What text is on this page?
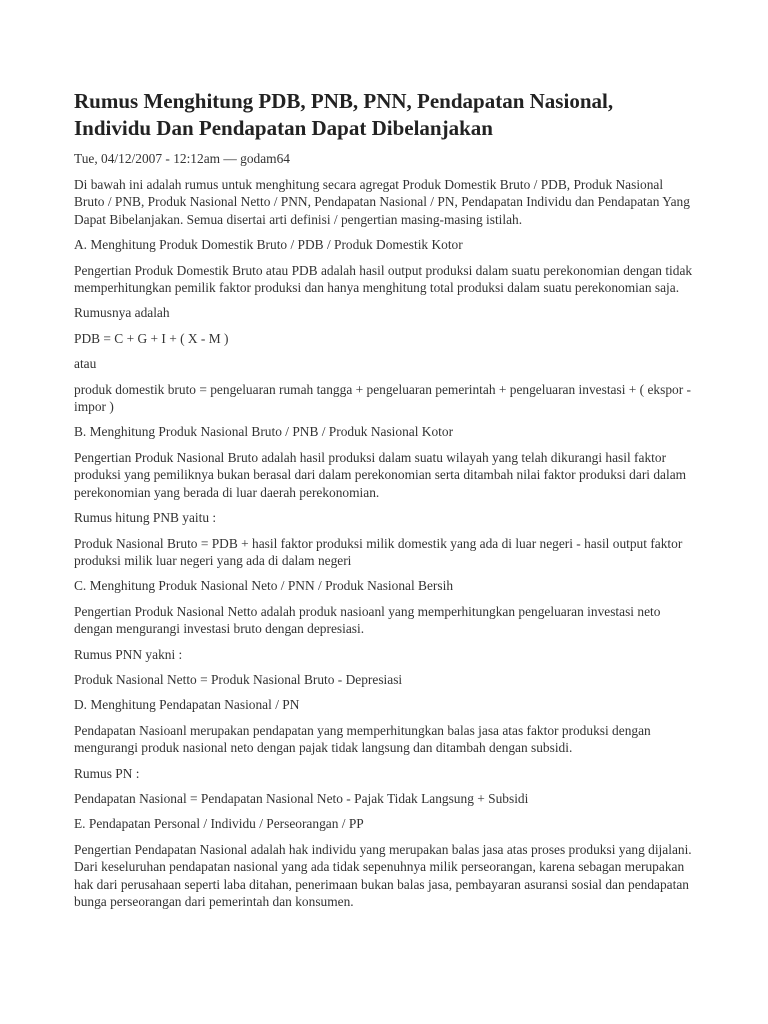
Rumus Menghitung PDB, PNB, PNN, Pendapatan Nasional, Individu Dan Pendapatan Dapat Dibelanjakan
Tue, 04/12/2007 - 12:12am — godam64

Di bawah ini adalah rumus untuk menghitung secara agregat Produk Domestik Bruto / PDB, Produk Nasional Bruto / PNB, Produk Nasional Netto / PNN, Pendapatan Nasional / PN, Pendapatan Individu dan Pendapatan Yang Dapat Bibelanjakan. Semua disertai arti definisi / pengertian masing-masing istilah.

A. Menghitung Produk Domestik Bruto / PDB / Produk Domestik Kotor

Pengertian Produk Domestik Bruto atau PDB adalah hasil output produksi dalam suatu perekonomian dengan tidak memperhitungkan pemilik faktor produksi dan hanya menghitung total produksi dalam suatu perekonomian saja.

Rumusnya adalah

PDB = C + G + I + ( X - M )

atau

produk domestik bruto = pengeluaran rumah tangga + pengeluaran pemerintah + pengeluaran investasi + ( ekspor - impor )

B. Menghitung Produk Nasional Bruto / PNB / Produk Nasional Kotor

Pengertian Produk Nasional Bruto adalah hasil produksi dalam suatu wilayah yang telah dikurangi hasil faktor produksi yang pemiliknya bukan berasal dari dalam perekonomian serta ditambah nilai faktor produksi dari dalam perekonomian yang berada di luar daerah perekonomian.

Rumus hitung PNB yaitu :

Produk Nasional Bruto = PDB + hasil faktor produksi milik domestik yang ada di luar negeri - hasil output faktor produksi milik luar negeri yang ada di dalam negeri

C. Menghitung Produk Nasional Neto / PNN / Produk Nasional Bersih

Pengertian Produk Nasional Netto adalah produk nasioanl yang memperhitungkan pengeluaran investasi neto dengan mengurangi investasi bruto dengan depresiasi.

Rumus PNN yakni :

Produk Nasional Netto = Produk Nasional Bruto - Depresiasi

D. Menghitung Pendapatan Nasional / PN

Pendapatan Nasioanl merupakan pendapatan yang memperhitungkan balas jasa atas faktor produksi dengan mengurangi produk nasional neto dengan pajak tidak langsung dan ditambah dengan subsidi.

Rumus PN :

Pendapatan Nasional = Pendapatan Nasional Neto - Pajak Tidak Langsung + Subsidi

E. Pendapatan Personal / Individu / Perseorangan / PP

Pengertian Pendapatan Nasional adalah hak individu yang merupakan balas jasa atas proses produksi yang dijalani. Dari keseluruhan pendapatan nasional yang ada tidak sepenuhnya milik perseorangan, karena sebagan merupakan hak dari perusahaan seperti laba ditahan, penerimaan bukan balas jasa, pembayaran asuransi sosial dan pendapatan bunga perseorangan dari pemerintah dan konsumen.
